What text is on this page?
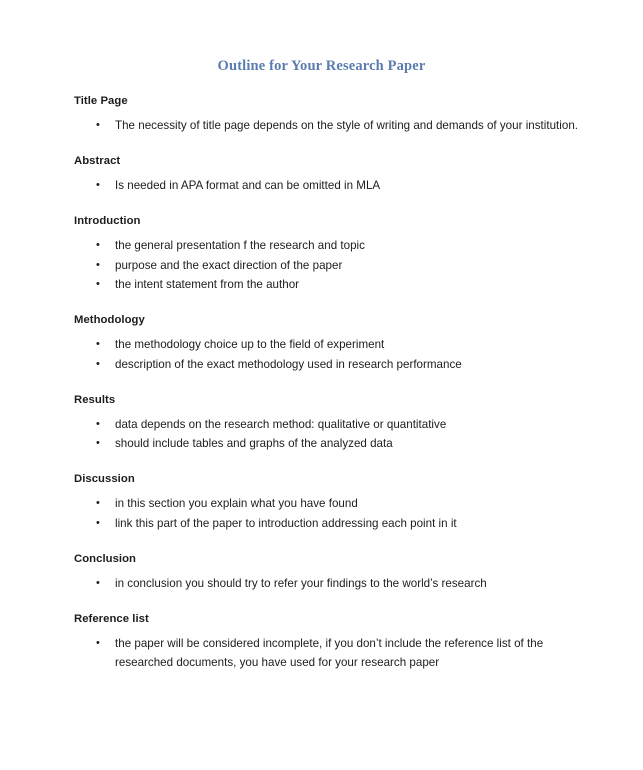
Outline for Your Research Paper
Title Page
• The necessity of title page depends on the style of writing and demands of your institution.
Abstract
• Is needed in APA format and can be omitted in MLA
Introduction
• the general presentation f the research and topic
• purpose and the exact direction of the paper
• the intent statement from the author
Methodology
• the methodology choice up to the field of experiment
• description of the exact methodology used in research performance
Results
• data depends on the research method: qualitative or quantitative
• should include tables and graphs of the analyzed data
Discussion
• in this section you explain what you have found
• link this part of the paper to introduction addressing each point in it
Conclusion
• in conclusion you should try to refer your findings to the world’s research
Reference list
• the paper will be considered incomplete, if you don’t include the reference list of the researched documents, you have used for your research paper
